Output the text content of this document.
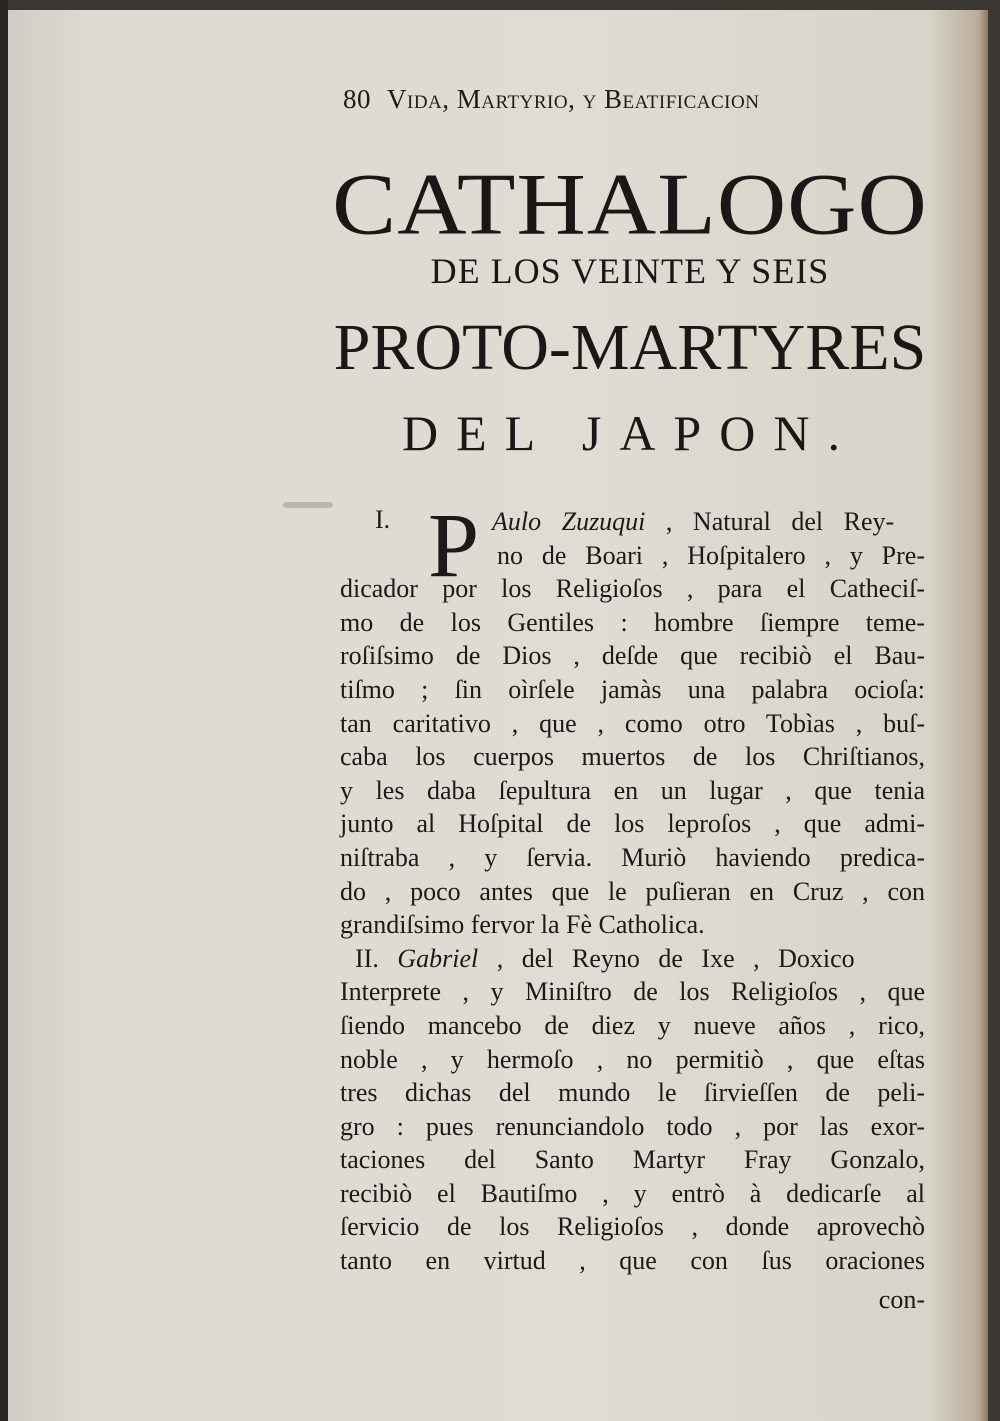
80 Vida, Martyrio, y Beatificacion
CATHALOGO
DE LOS VEINTE Y SEIS
PROTO-MARTYRES
DEL JAPON.
I. P Aulo Zuzuqui , Natural del Rey-
no de Boari , Hoſpitalero , y Pre-
dicador por los Religioſos , para el Catheciſ-
mo de los Gentiles : hombre ſiempre teme-
roſiſsimo de Dios , deſde que recibiò el Bau-
tiſmo ; ſin oìrſele jamàs una palabra ocioſa:
tan caritativo , que , como otro Tobìas , buſ-
caba los cuerpos muertos de los Chriſtianos,
y les daba ſepultura en un lugar , que tenia
junto al Hoſpital de los leproſos , que admi-
niſtraba , y ſervia. Muriò haviendo predica-
do , poco antes que le puſieran en Cruz , con
grandiſsimo fervor la Fè Catholica.
II. Gabriel , del Reyno de Ixe , Doxico
Interprete , y Miniſtro de los Religioſos , que
ſiendo mancebo de diez y nueve años , rico,
noble , y hermoſo , no permitiò , que eſtas
tres dichas del mundo le ſirvieſſen de peli-
gro : pues renunciandolo todo , por las exor-
taciones del Santo Martyr Fray Gonzalo,
recibiò el Bautiſmo , y entrò à dedicarſe al
ſervicio de los Religioſos , donde aprovechò
tanto en virtud , que con ſus oraciones
con-
